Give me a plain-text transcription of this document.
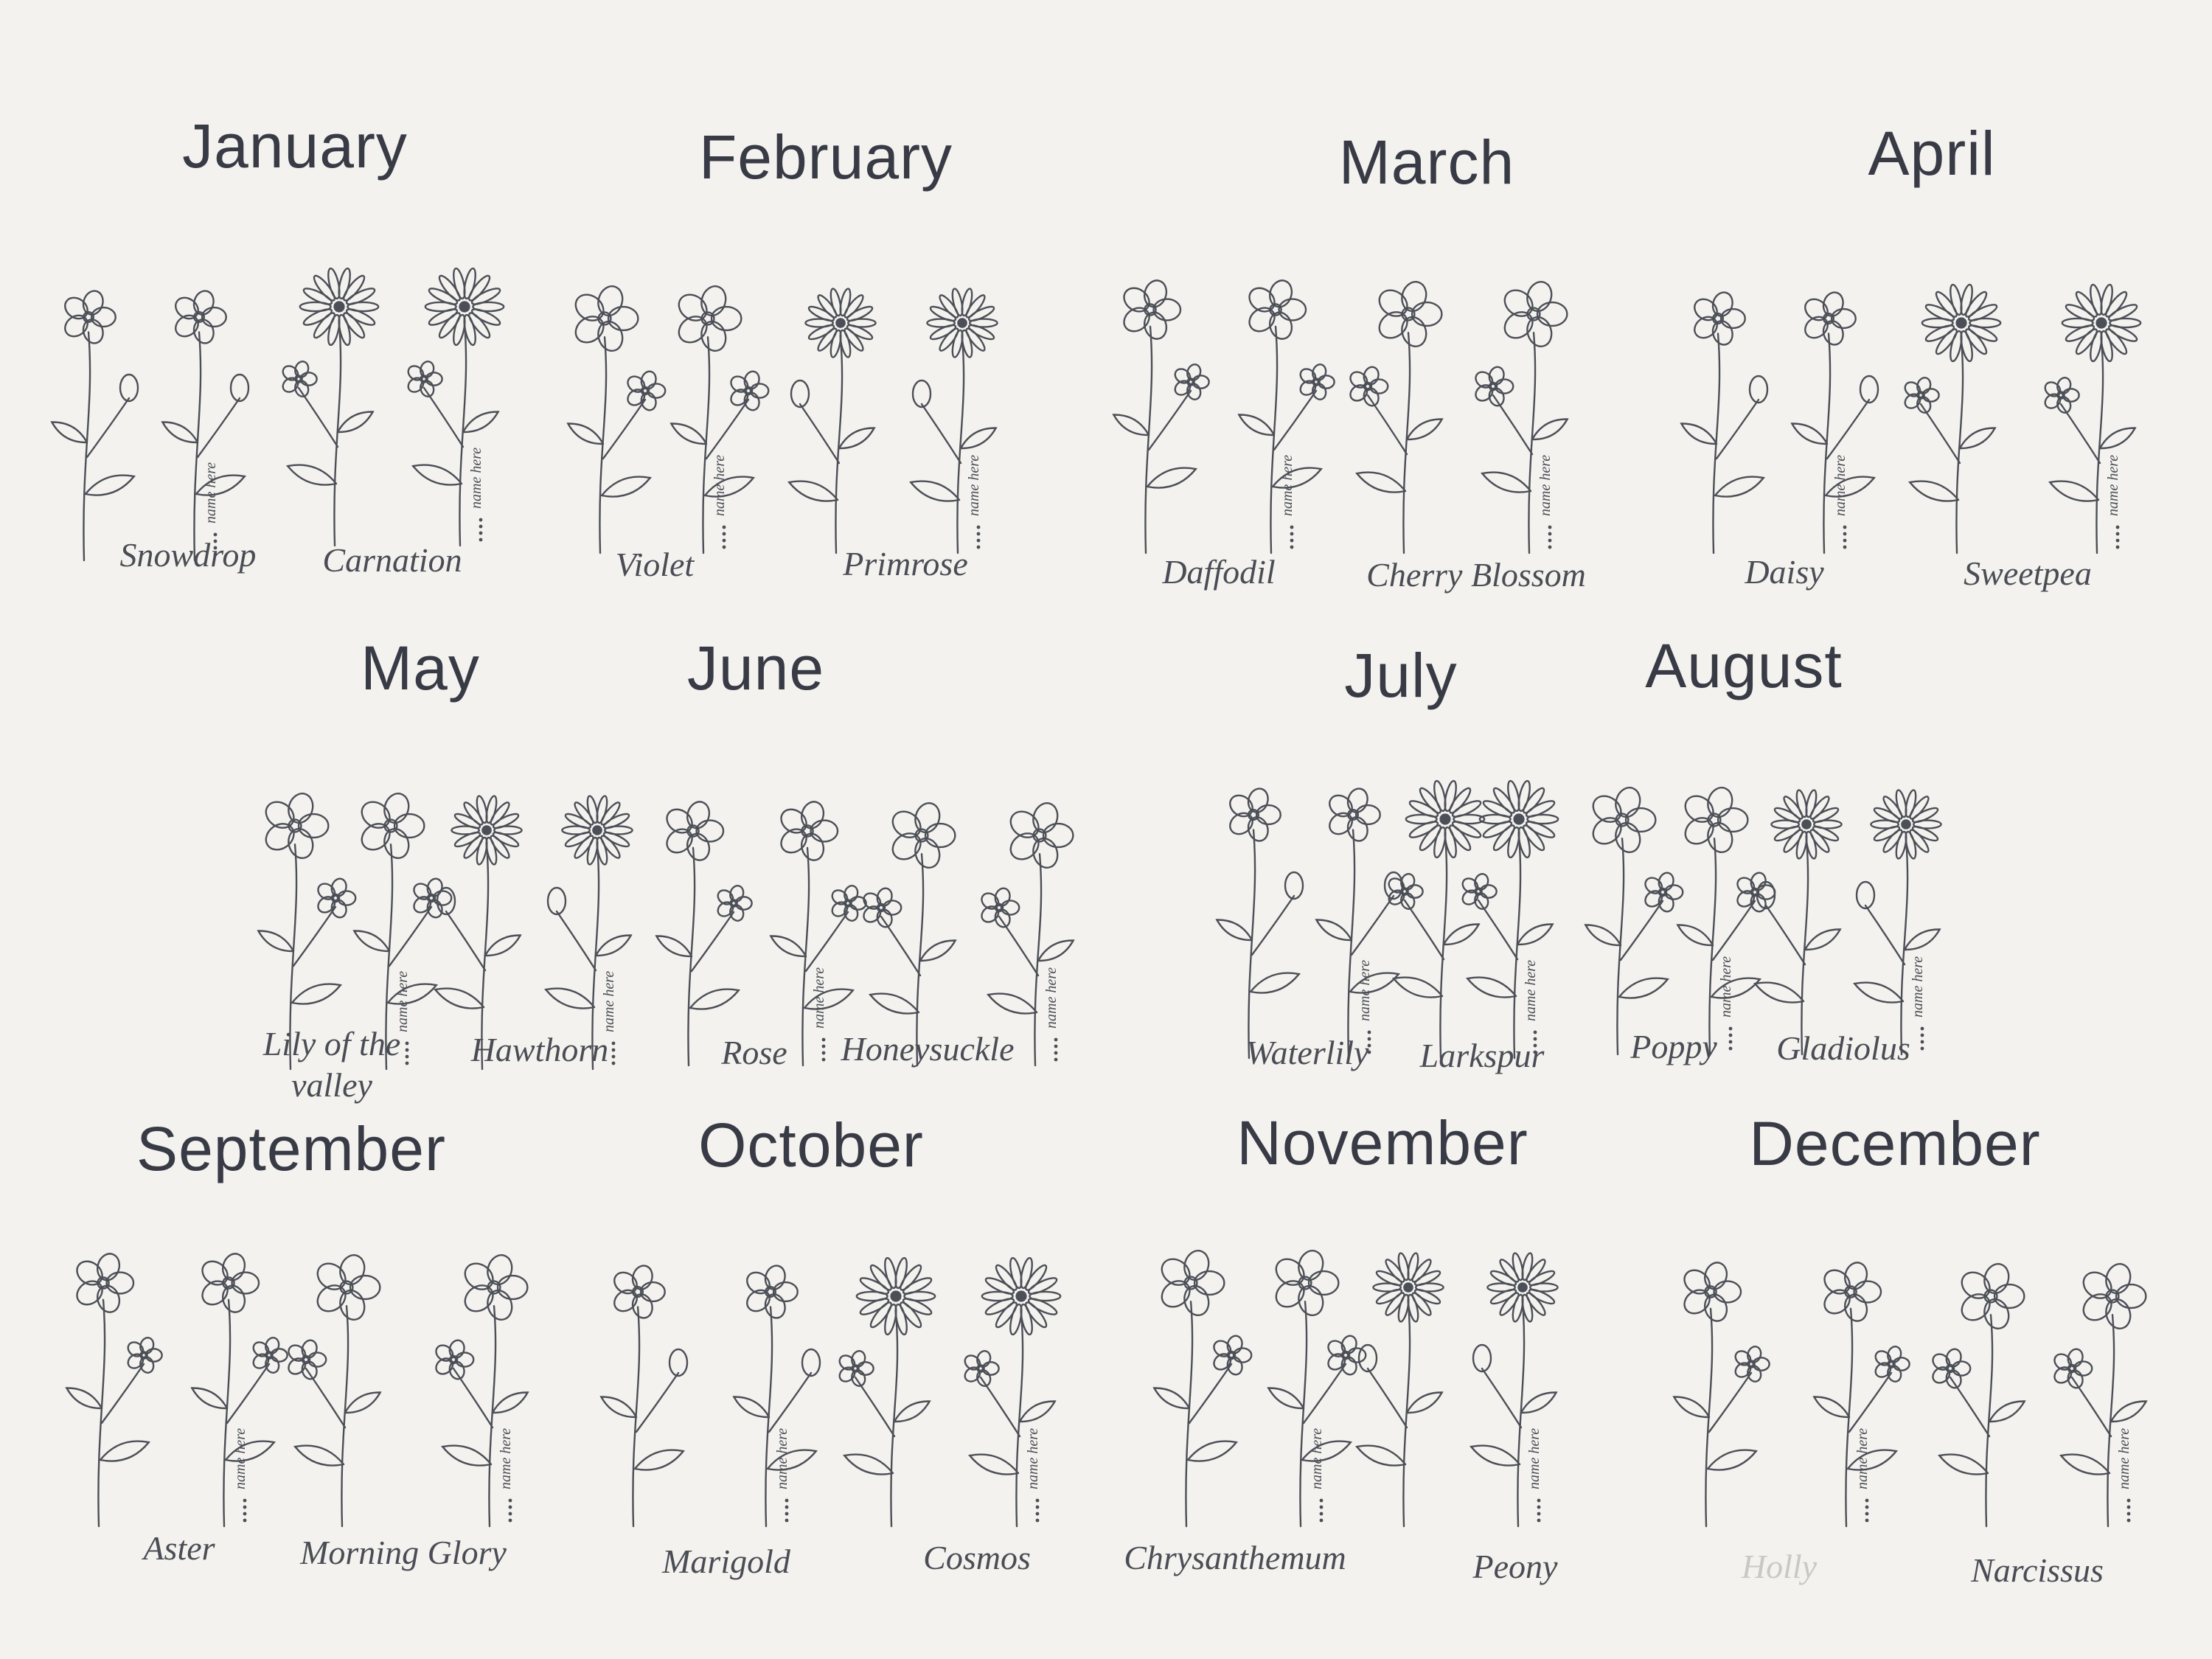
January
name here	name here
Snowdrop Carnation
February
name here	name here
Violet	Primrose
March
name here	name here
Daffodil	Cherry Blossom
April
name here	name here
Daisy	Sweetpea
May
name here	name here
Lily of the valley
Hawthorn
June
name here	name here
Rose Honeysuckle
July
name here	name here
Waterlily Larkspur
August
name here	name here
Poppy Gladiolus
September
name here	name here
Aster	Morning Glory
October
name here	name here
Marigold	Cosmos
November
name here	name here
Chrysanthemum	Peony
December
name here	name here
Holly	Narcissus
